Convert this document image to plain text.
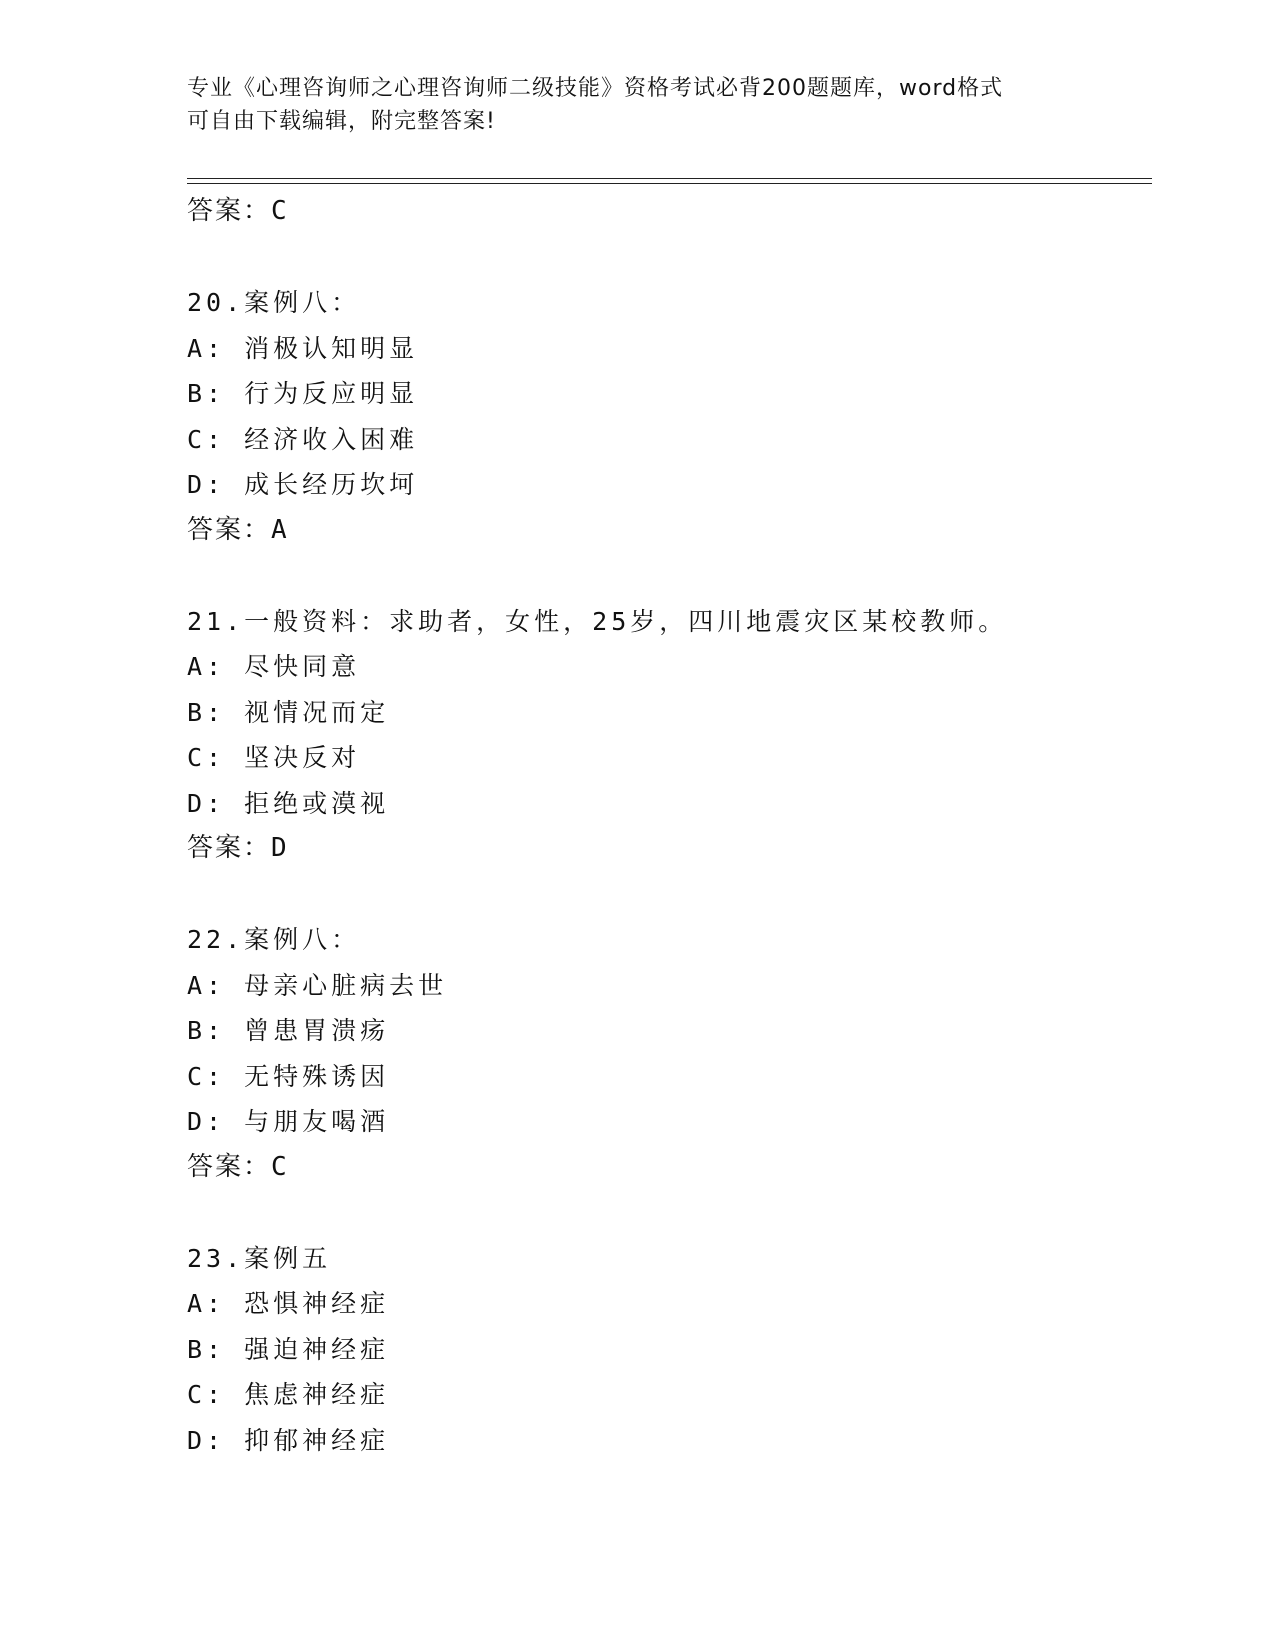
专业《心理咨询师之心理咨询师二级技能》资格考试必背200题题库，word格式
可自由下载编辑，附完整答案!
答案：C
20.案例八：
A: 消极认知明显
B: 行为反应明显
C: 经济收入困难
D: 成长经历坎坷
答案：A
21.一般资料：求助者，女性，25岁，四川地震灾区某校教师。
A: 尽快同意
B: 视情况而定
C: 坚决反对
D: 拒绝或漠视
答案：D
22.案例八：
A: 母亲心脏病去世
B: 曾患胃溃疡
C: 无特殊诱因
D: 与朋友喝酒
答案：C
23.案例五
A: 恐惧神经症
B: 强迫神经症
C: 焦虑神经症
D: 抑郁神经症
